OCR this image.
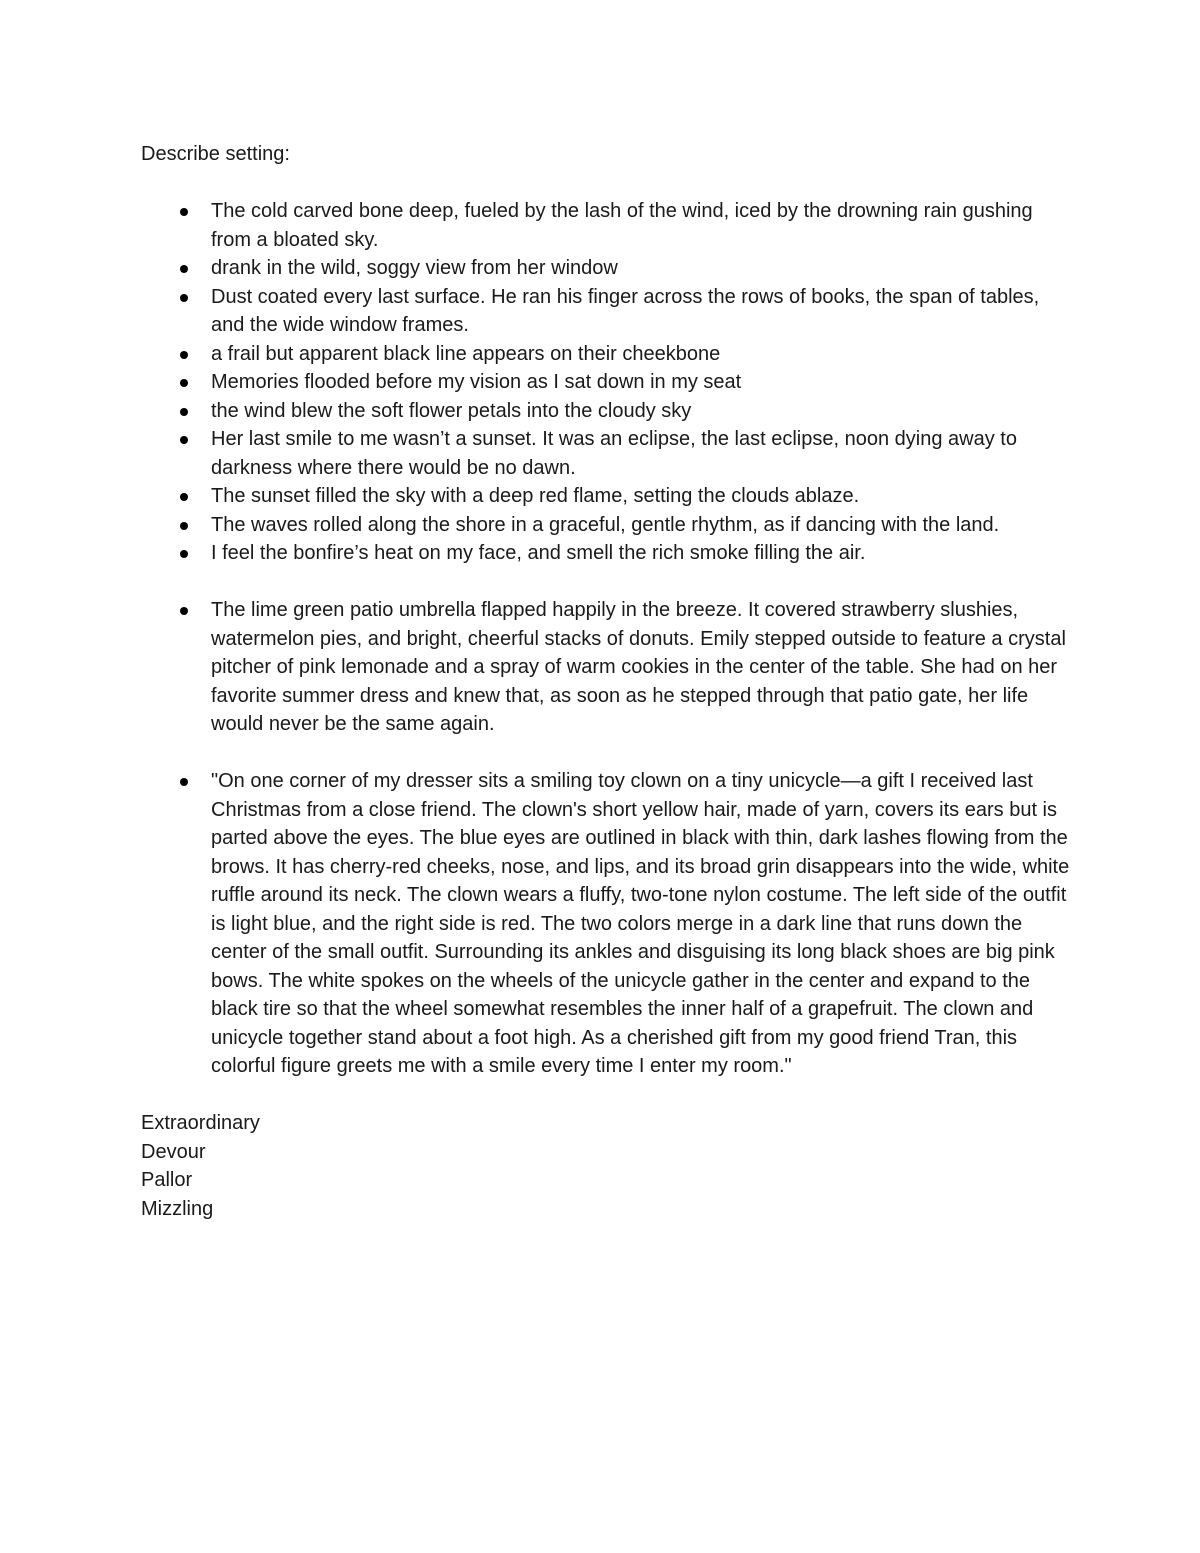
Describe setting:

The cold carved bone deep, fueled by the lash of the wind, iced by the drowning rain gushing from a bloated sky.
drank in the wild, soggy view from her window
Dust coated every last surface. He ran his finger across the rows of books, the span of tables, and the wide window frames.
a frail but apparent black line appears on their cheekbone
Memories flooded before my vision as I sat down in my seat
the wind blew the soft flower petals into the cloudy sky
Her last smile to me wasn’t a sunset. It was an eclipse, the last eclipse, noon dying away to darkness where there would be no dawn.
The sunset filled the sky with a deep red flame, setting the clouds ablaze.
The waves rolled along the shore in a graceful, gentle rhythm, as if dancing with the land.
I feel the bonfire’s heat on my face, and smell the rich smoke filling the air.
The lime green patio umbrella flapped happily in the breeze. It covered strawberry slushies, watermelon pies, and bright, cheerful stacks of donuts. Emily stepped outside to feature a crystal pitcher of pink lemonade and a spray of warm cookies in the center of the table. She had on her favorite summer dress and knew that, as soon as he stepped through that patio gate, her life would never be the same again.
"On one corner of my dresser sits a smiling toy clown on a tiny unicycle—a gift I received last Christmas from a close friend. The clown's short yellow hair, made of yarn, covers its ears but is parted above the eyes. The blue eyes are outlined in black with thin, dark lashes flowing from the brows. It has cherry-red cheeks, nose, and lips, and its broad grin disappears into the wide, white ruffle around its neck. The clown wears a fluffy, two-tone nylon costume. The left side of the outfit is light blue, and the right side is red. The two colors merge in a dark line that runs down the center of the small outfit. Surrounding its ankles and disguising its long black shoes are big pink bows. The white spokes on the wheels of the unicycle gather in the center and expand to the black tire so that the wheel somewhat resembles the inner half of a grapefruit. The clown and unicycle together stand about a foot high. As a cherished gift from my good friend Tran, this colorful figure greets me with a smile every time I enter my room."
Extraordinary
Devour
Pallor
Mizzling
